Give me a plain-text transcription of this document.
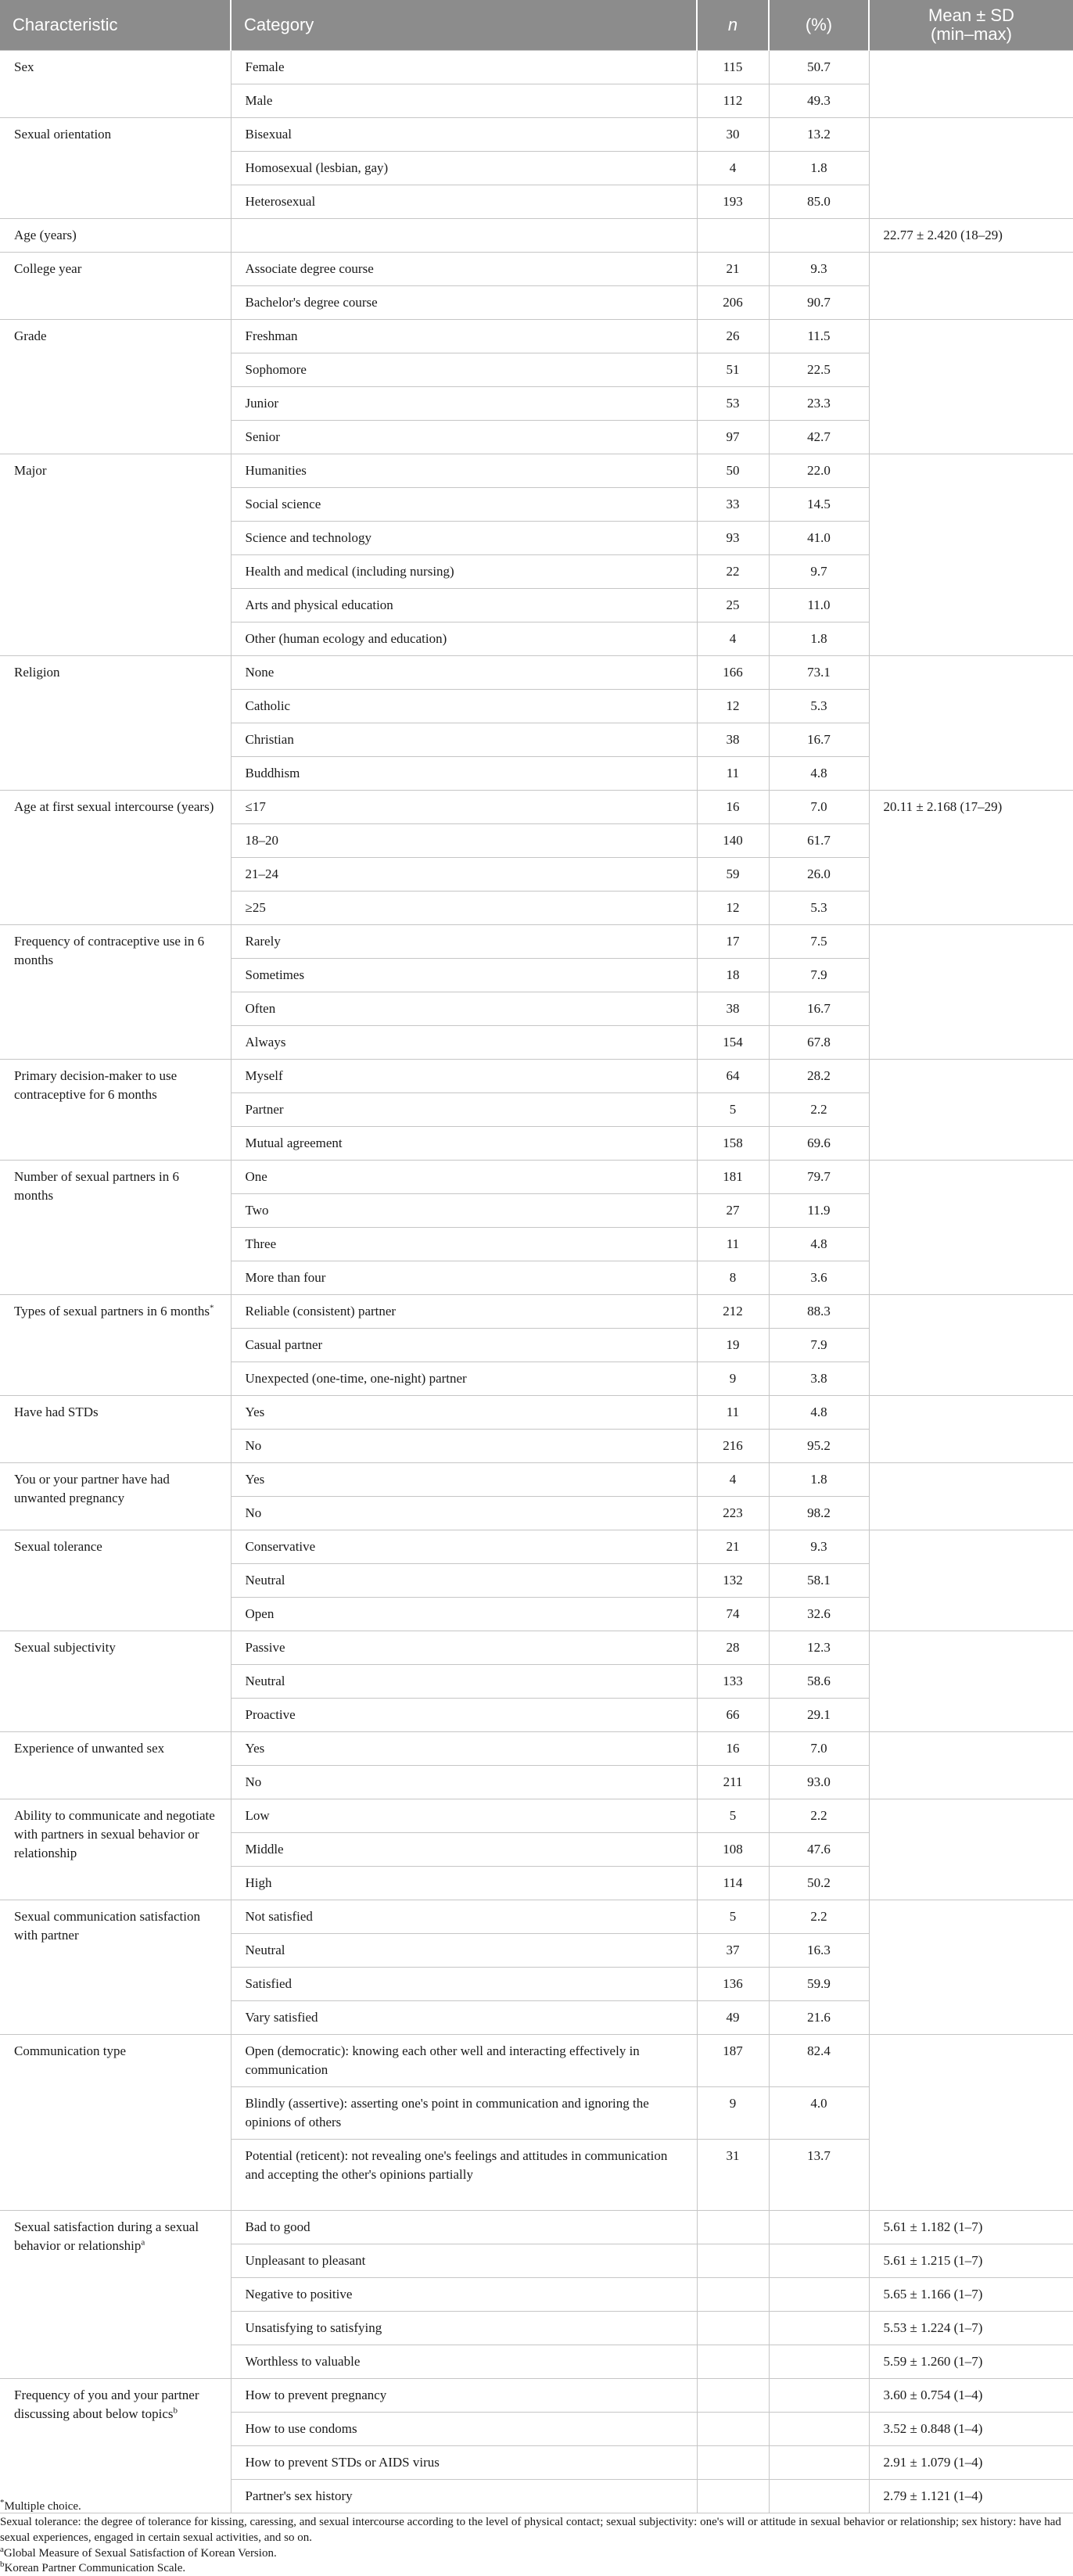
Characteristic	Category	n	(%)	Mean ± SD
(min–max)
Sex	Female	115	50.7	
	Male	112	49.3	
Sexual orientation	Bisexual	30	13.2	
	Homosexual (lesbian, gay)	4	1.8	
	Heterosexual	193	85.0	
Age (years)				22.77 ± 2.420 (18–29)
College year	Associate degree course	21	9.3	
	Bachelor's degree course	206	90.7	
Grade	Freshman	26	11.5	
	Sophomore	51	22.5	
	Junior	53	23.3	
	Senior	97	42.7	
Major	Humanities	50	22.0	
	Social science	33	14.5	
	Science and technology	93	41.0	
	Health and medical (including nursing)	22	9.7	
	Arts and physical education	25	11.0	
	Other (human ecology and education)	4	1.8	
Religion	None	166	73.1	
	Catholic	12	5.3	
	Christian	38	16.7	
	Buddhism	11	4.8	
Age at first sexual intercourse (years)	≤17	16	7.0	20.11 ± 2.168 (17–29)
	18–20	140	61.7	
	21–24	59	26.0	
	≥25	12	5.3	
Frequency of contraceptive use in 6 months	Rarely	17	7.5	
	Sometimes	18	7.9	
	Often	38	16.7	
	Always	154	67.8	
Primary decision-maker to use contraceptive for 6 months	Myself	64	28.2	
	Partner	5	2.2	
	Mutual agreement	158	69.6	
Number of sexual partners in 6 months	One	181	79.7	
	Two	27	11.9	
	Three	11	4.8	
	More than four	8	3.6	
Types of sexual partners in 6 months*	Reliable (consistent) partner	212	88.3	
	Casual partner	19	7.9	
	Unexpected (one-time, one-night) partner	9	3.8	
Have had STDs	Yes	11	4.8	
	No	216	95.2	
You or your partner have had unwanted pregnancy	Yes	4	1.8	
	No	223	98.2	
Sexual tolerance	Conservative	21	9.3	
	Neutral	132	58.1	
	Open	74	32.6	
Sexual subjectivity	Passive	28	12.3	
	Neutral	133	58.6	
	Proactive	66	29.1	
Experience of unwanted sex	Yes	16	7.0	
	No	211	93.0	
Ability to communicate and negotiate with partners in sexual behavior or relationship	Low	5	2.2	
	Middle	108	47.6	
	High	114	50.2	
Sexual communication satisfaction with partner	Not satisfied	5	2.2	
	Neutral	37	16.3	
	Satisfied	136	59.9	
	Vary satisfied	49	21.6	
Communication type	Open (democratic): knowing each other well and interacting effectively in communication	187	82.4	
	Blindly (assertive): asserting one's point in communication and ignoring the opinions of others	9	4.0	
	Potential (reticent): not revealing one's feelings and attitudes in communication and accepting the other's opinions partially	31	13.7	
Sexual satisfaction during a sexual behavior or relationship$^a$	Bad to good			5.61 ± 1.182 (1–7)
	Unpleasant to pleasant			5.61 ± 1.215 (1–7)
	Negative to positive			5.65 ± 1.166 (1–7)
	Unsatisfying to satisfying			5.53 ± 1.224 (1–7)
	Worthless to valuable			5.59 ± 1.260 (1–7)
Frequency of you and your partner discussing about below topics$^b$	How to prevent pregnancy			3.60 ± 0.754 (1–4)
	How to use condoms			3.52 ± 0.848 (1–4)
	How to prevent STDs or AIDS virus			2.91 ± 1.079 (1–4)
	Partner's sex history			2.79 ± 1.121 (1–4)

*Multiple choice.

Sexual tolerance: the degree of tolerance for kissing, caressing, and sexual intercourse according to the level of physical contact; sexual subjectivity: one's will or attitude in sexual behavior or relationship; sex history: have had sexual experiences, engaged in certain sexual activities, and so on.

$^a$Global Measure of Sexual Satisfaction of Korean Version.

$^b$Korean Partner Communication Scale.
